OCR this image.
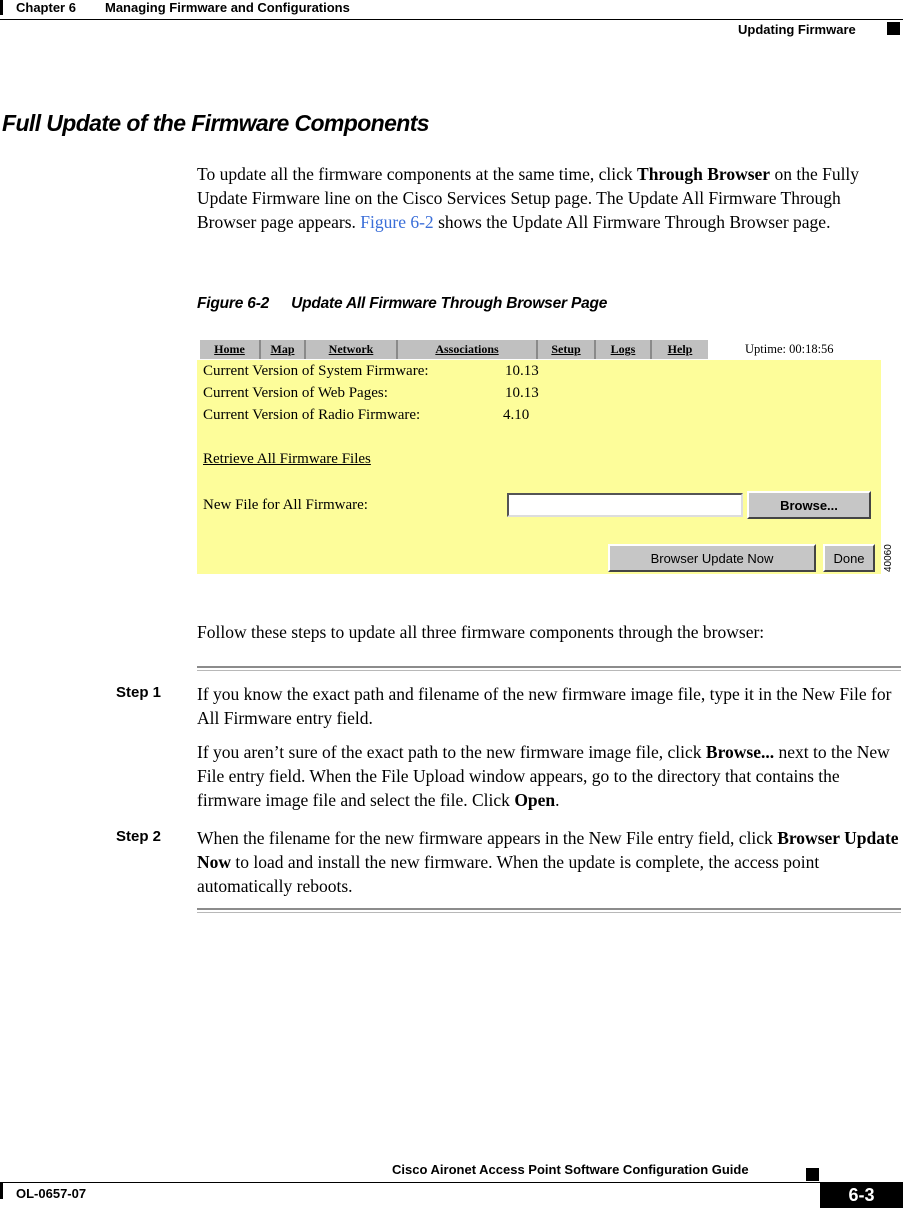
Chapter 6 Managing Firmware and Configurations
Updating Firmware
Full Update of the Firmware Components
To update all the firmware components at the same time, click Through Browser on the Fully Update Firmware line on the Cisco Services Setup page. The Update All Firmware Through Browser page appears. Figure 6-2 shows the Update All Firmware Through Browser page.
Figure 6-2 Update All Firmware Through Browser Page
Home	Map	Network	Associations	Setup	Logs	Help	Uptime: 00:18:56
Current Version of System Firmware:	10.13
Current Version of Web Pages:	10.13
Current Version of Radio Firmware:	4.10
Retrieve All Firmware Files
New File for All Firmware:	Browse...
Browser Update Now	Done	40060
Follow these steps to update all three firmware components through the browser:
Step 1 If you know the exact path and filename of the new firmware image file, type it in the New File for All Firmware entry field.
If you aren’t sure of the exact path to the new firmware image file, click Browse... next to the New File entry field. When the File Upload window appears, go to the directory that contains the firmware image file and select the file. Click Open.
Step 2 When the filename for the new firmware appears in the New File entry field, click Browser Update Now to load and install the new firmware. When the update is complete, the access point automatically reboots.
Cisco Aironet Access Point Software Configuration Guide
OL-0657-07	6-3
